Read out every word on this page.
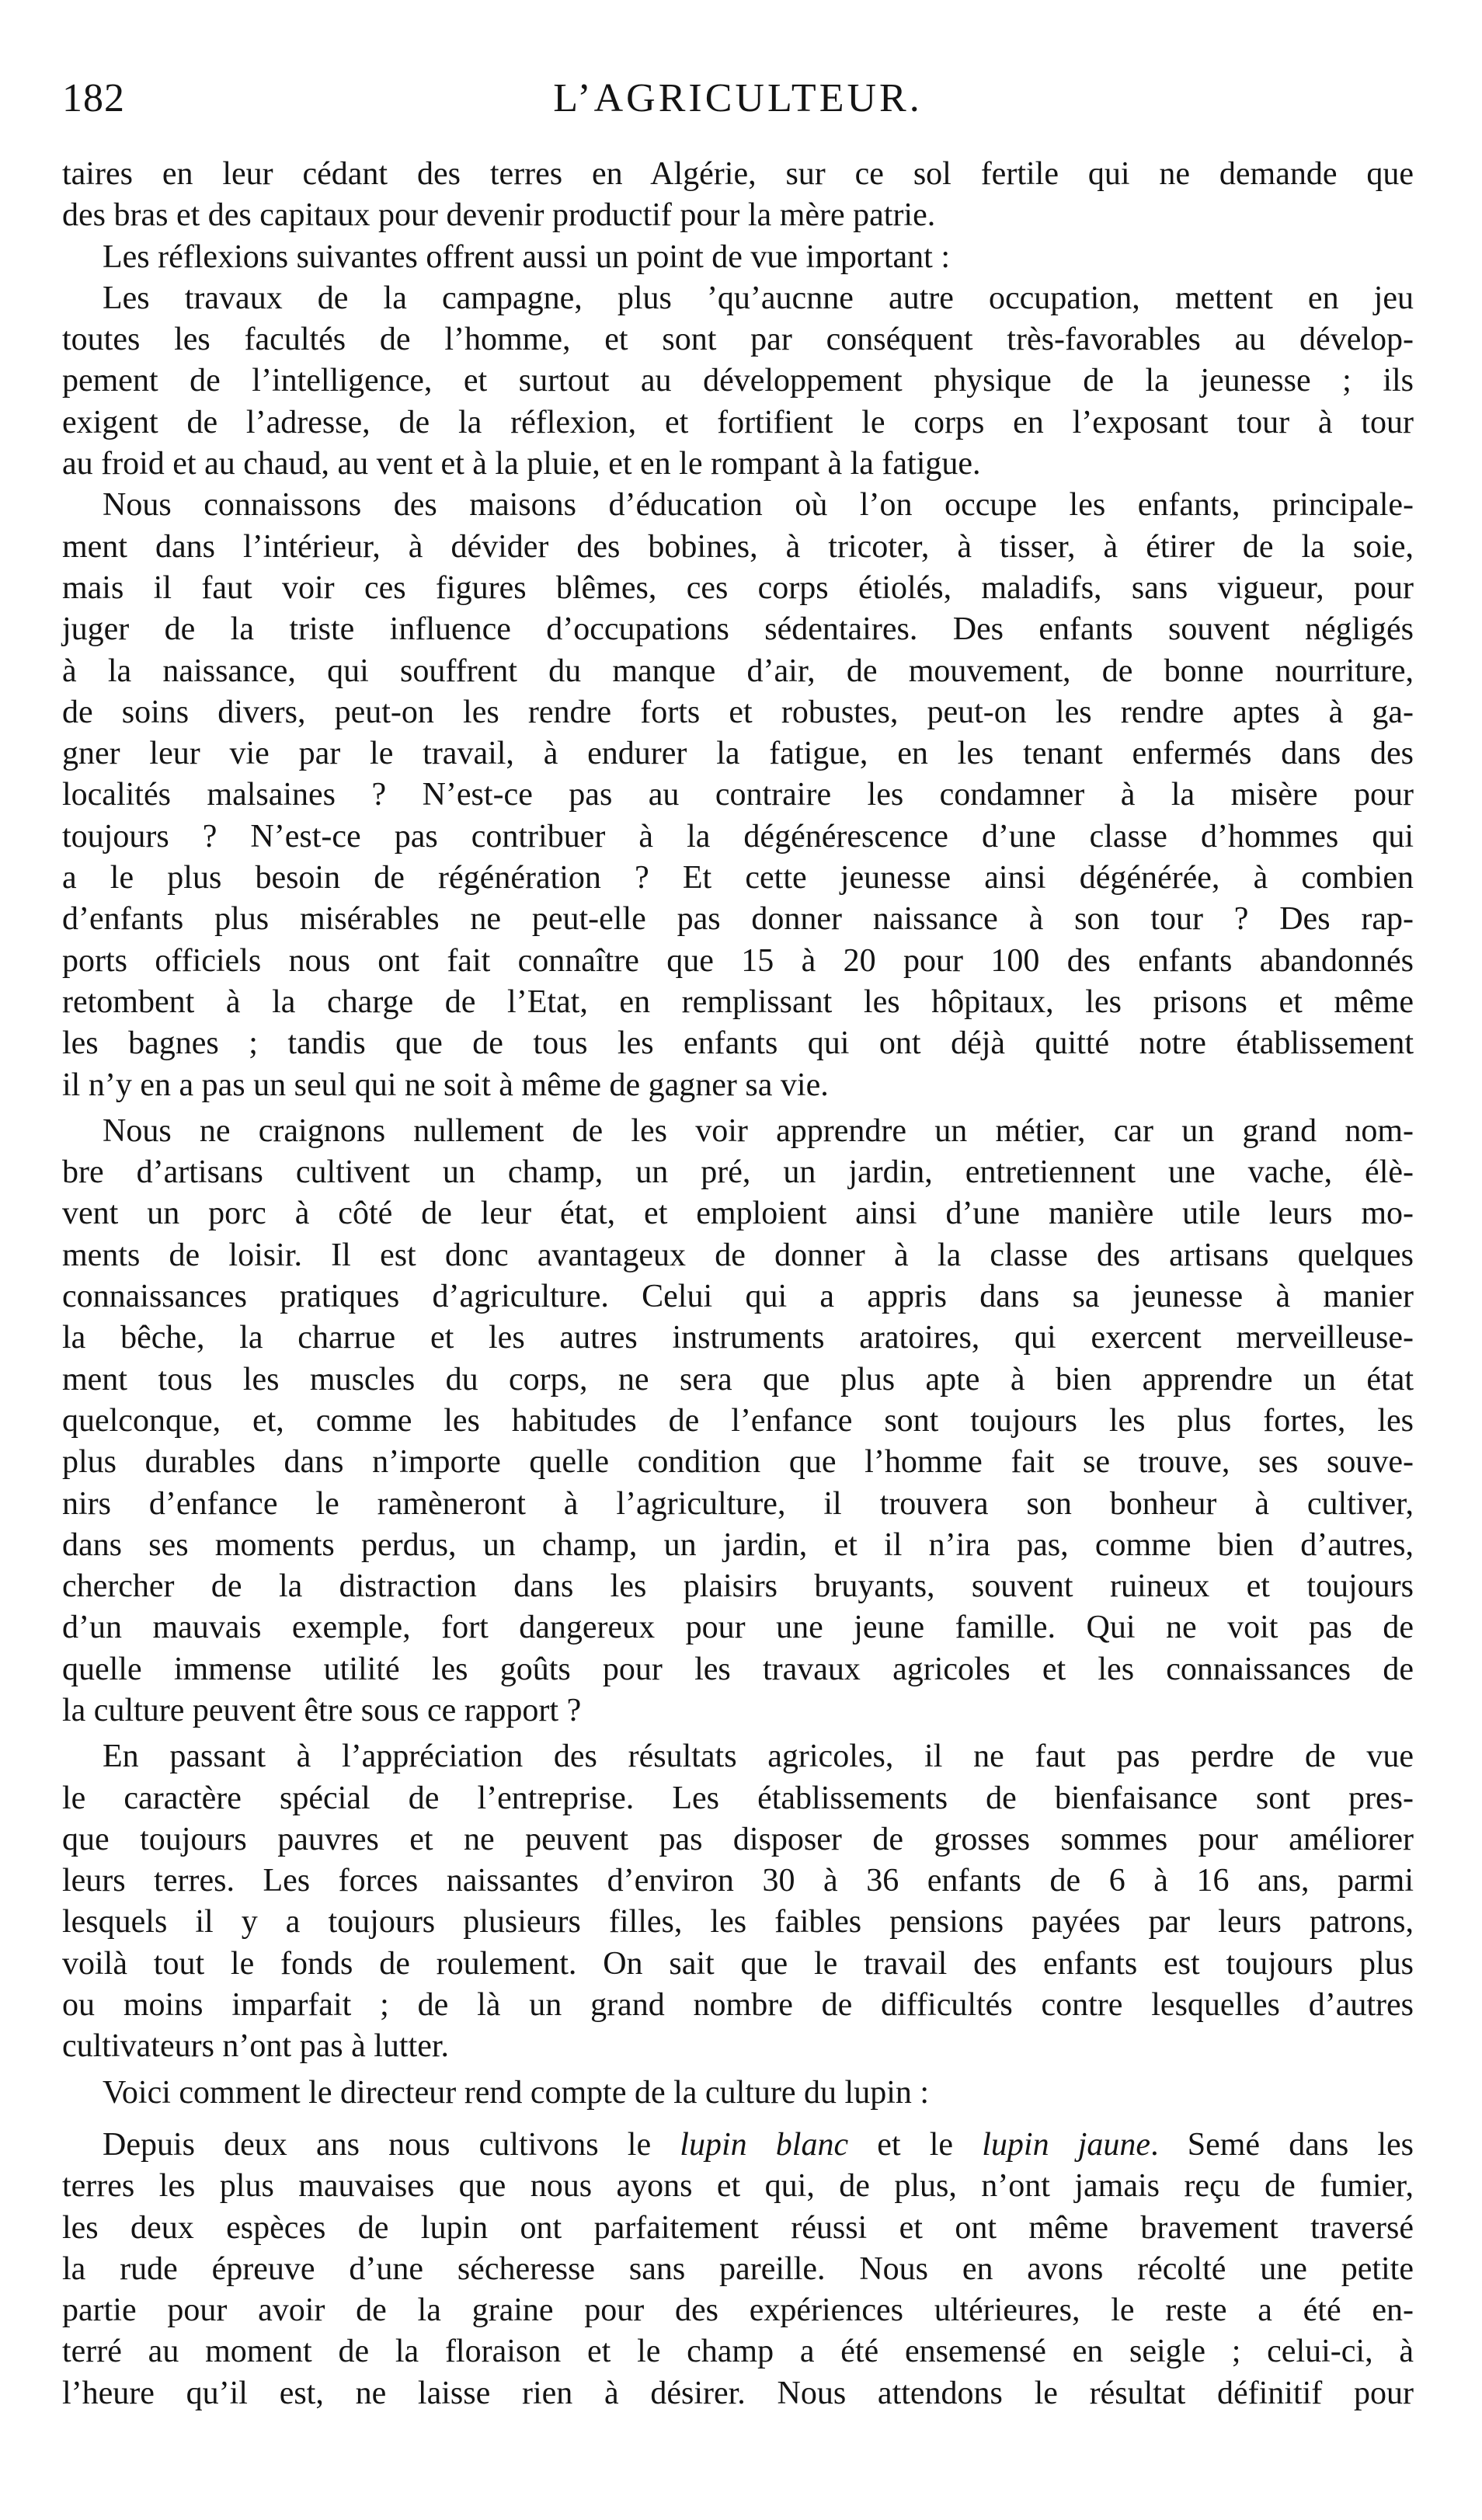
182	L’AGRICULTEUR.
taires en leur cédant des terres en Algérie, sur ce sol fertile qui ne demande que
des bras et des capitaux pour devenir productif pour la mère patrie.
Les réflexions suivantes offrent aussi un point de vue important :
Les travaux de la campagne, plus ’qu’aucnne autre occupation, mettent en jeu
toutes les facultés de l’homme, et sont par conséquent très-favorables au dévelop-
pement de l’intelligence, et surtout au développement physique de la jeunesse ; ils
exigent de l’adresse, de la réflexion, et fortifient le corps en l’exposant tour à tour
au froid et au chaud, au vent et à la pluie, et en le rompant à la fatigue.
Nous connaissons des maisons d’éducation où l’on occupe les enfants, principale-
ment dans l’intérieur, à dévider des bobines, à tricoter, à tisser, à étirer de la soie,
mais il faut voir ces figures blêmes, ces corps étiolés, maladifs, sans vigueur, pour
juger de la triste influence d’occupations sédentaires. Des enfants souvent négligés
à la naissance, qui souffrent du manque d’air, de mouvement, de bonne nourriture,
de soins divers, peut-on les rendre forts et robustes, peut-on les rendre aptes à ga-
gner leur vie par le travail, à endurer la fatigue, en les tenant enfermés dans des
localités malsaines ? N’est-ce pas au contraire les condamner à la misère pour
toujours ? N’est-ce pas contribuer à la dégénérescence d’une classe d’hommes qui
a le plus besoin de régénération ? Et cette jeunesse ainsi dégénérée, à combien
d’enfants plus misérables ne peut-elle pas donner naissance à son tour ? Des rap-
ports officiels nous ont fait connaître que 15 à 20 pour 100 des enfants abandonnés
retombent à la charge de l’Etat, en remplissant les hôpitaux, les prisons et même
les bagnes ; tandis que de tous les enfants qui ont déjà quitté notre établissement
il n’y en a pas un seul qui ne soit à même de gagner sa vie.
Nous ne craignons nullement de les voir apprendre un métier, car un grand nom-
bre d’artisans cultivent un champ, un pré, un jardin, entretiennent une vache, élè-
vent un porc à côté de leur état, et emploient ainsi d’une manière utile leurs mo-
ments de loisir. Il est donc avantageux de donner à la classe des artisans quelques
connaissances pratiques d’agriculture. Celui qui a appris dans sa jeunesse à manier
la bêche, la charrue et les autres instruments aratoires, qui exercent merveilleuse-
ment tous les muscles du corps, ne sera que plus apte à bien apprendre un état
quelconque, et, comme les habitudes de l’enfance sont toujours les plus fortes, les
plus durables dans n’importe quelle condition que l’homme fait se trouve, ses souve-
nirs d’enfance le ramèneront à l’agriculture, il trouvera son bonheur à cultiver,
dans ses moments perdus, un champ, un jardin, et il n’ira pas, comme bien d’autres,
chercher de la distraction dans les plaisirs bruyants, souvent ruineux et toujours
d’un mauvais exemple, fort dangereux pour une jeune famille. Qui ne voit pas de
quelle immense utilité les goûts pour les travaux agricoles et les connaissances de
la culture peuvent être sous ce rapport ?
En passant à l’appréciation des résultats agricoles, il ne faut pas perdre de vue
le caractère spécial de l’entreprise. Les établissements de bienfaisance sont pres-
que toujours pauvres et ne peuvent pas disposer de grosses sommes pour améliorer
leurs terres. Les forces naissantes d’environ 30 à 36 enfants de 6 à 16 ans, parmi
lesquels il y a toujours plusieurs filles, les faibles pensions payées par leurs patrons,
voilà tout le fonds de roulement. On sait que le travail des enfants est toujours plus
ou moins imparfait ; de là un grand nombre de difficultés contre lesquelles d’autres
cultivateurs n’ont pas à lutter.
Voici comment le directeur rend compte de la culture du lupin :
Depuis deux ans nous cultivons le lupin blanc et le lupin jaune. Semé dans les
terres les plus mauvaises que nous ayons et qui, de plus, n’ont jamais reçu de fumier,
les deux espèces de lupin ont parfaitement réussi et ont même bravement traversé
la rude épreuve d’une sécheresse sans pareille. Nous en avons récolté une petite
partie pour avoir de la graine pour des expériences ultérieures, le reste a été en-
terré au moment de la floraison et le champ a été ensemensé en seigle ; celui-ci, à
l’heure qu’il est, ne laisse rien à désirer. Nous attendons le résultat définitif pour
